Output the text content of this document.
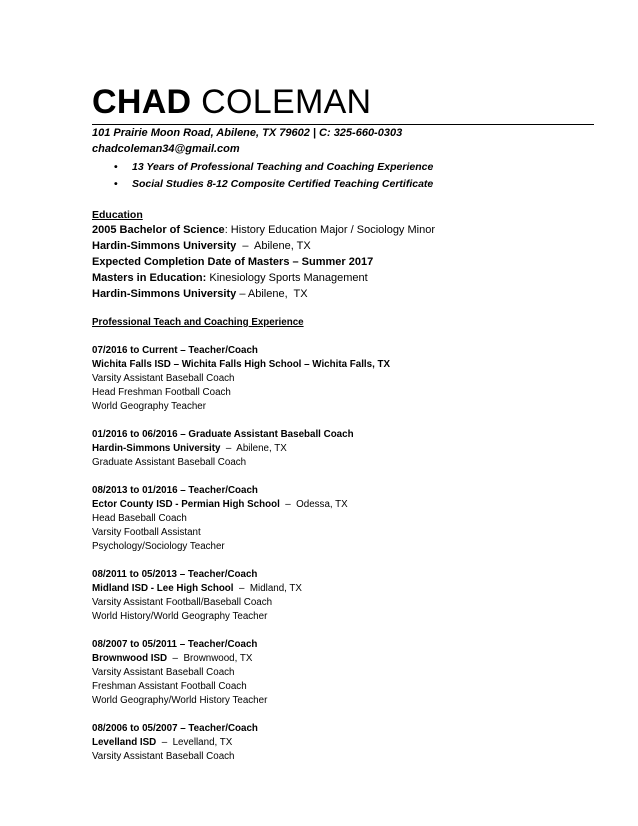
CHAD COLEMAN
101 Prairie Moon Road, Abilene, TX 79602 | C: 325-660-0303
chadcoleman34@gmail.com
• 13 Years of Professional Teaching and Coaching Experience
• Social Studies 8-12 Composite Certified Teaching Certificate
Education
2005 Bachelor of Science: History Education Major / Sociology Minor
Hardin-Simmons University  –  Abilene, TX
Expected Completion Date of Masters – Summer 2017
Masters in Education: Kinesiology Sports Management
Hardin-Simmons University – Abilene,  TX
Professional Teach and Coaching Experience
07/2016 to Current – Teacher/Coach
Wichita Falls ISD – Wichita Falls High School – Wichita Falls, TX
Varsity Assistant Baseball Coach
Head Freshman Football Coach
World Geography Teacher
01/2016 to 06/2016 – Graduate Assistant Baseball Coach
Hardin-Simmons University  –  Abilene, TX
Graduate Assistant Baseball Coach
08/2013 to 01/2016 – Teacher/Coach
Ector County ISD - Permian High School  –  Odessa, TX
Head Baseball Coach
Varsity Football Assistant
Psychology/Sociology Teacher
08/2011 to 05/2013 – Teacher/Coach
Midland ISD - Lee High School  –  Midland, TX
Varsity Assistant Football/Baseball Coach
World History/World Geography Teacher
08/2007 to 05/2011 – Teacher/Coach
Brownwood ISD  –  Brownwood, TX
Varsity Assistant Baseball Coach
Freshman Assistant Football Coach
World Geography/World History Teacher
08/2006 to 05/2007 – Teacher/Coach
Levelland ISD  –  Levelland, TX
Varsity Assistant Baseball Coach
